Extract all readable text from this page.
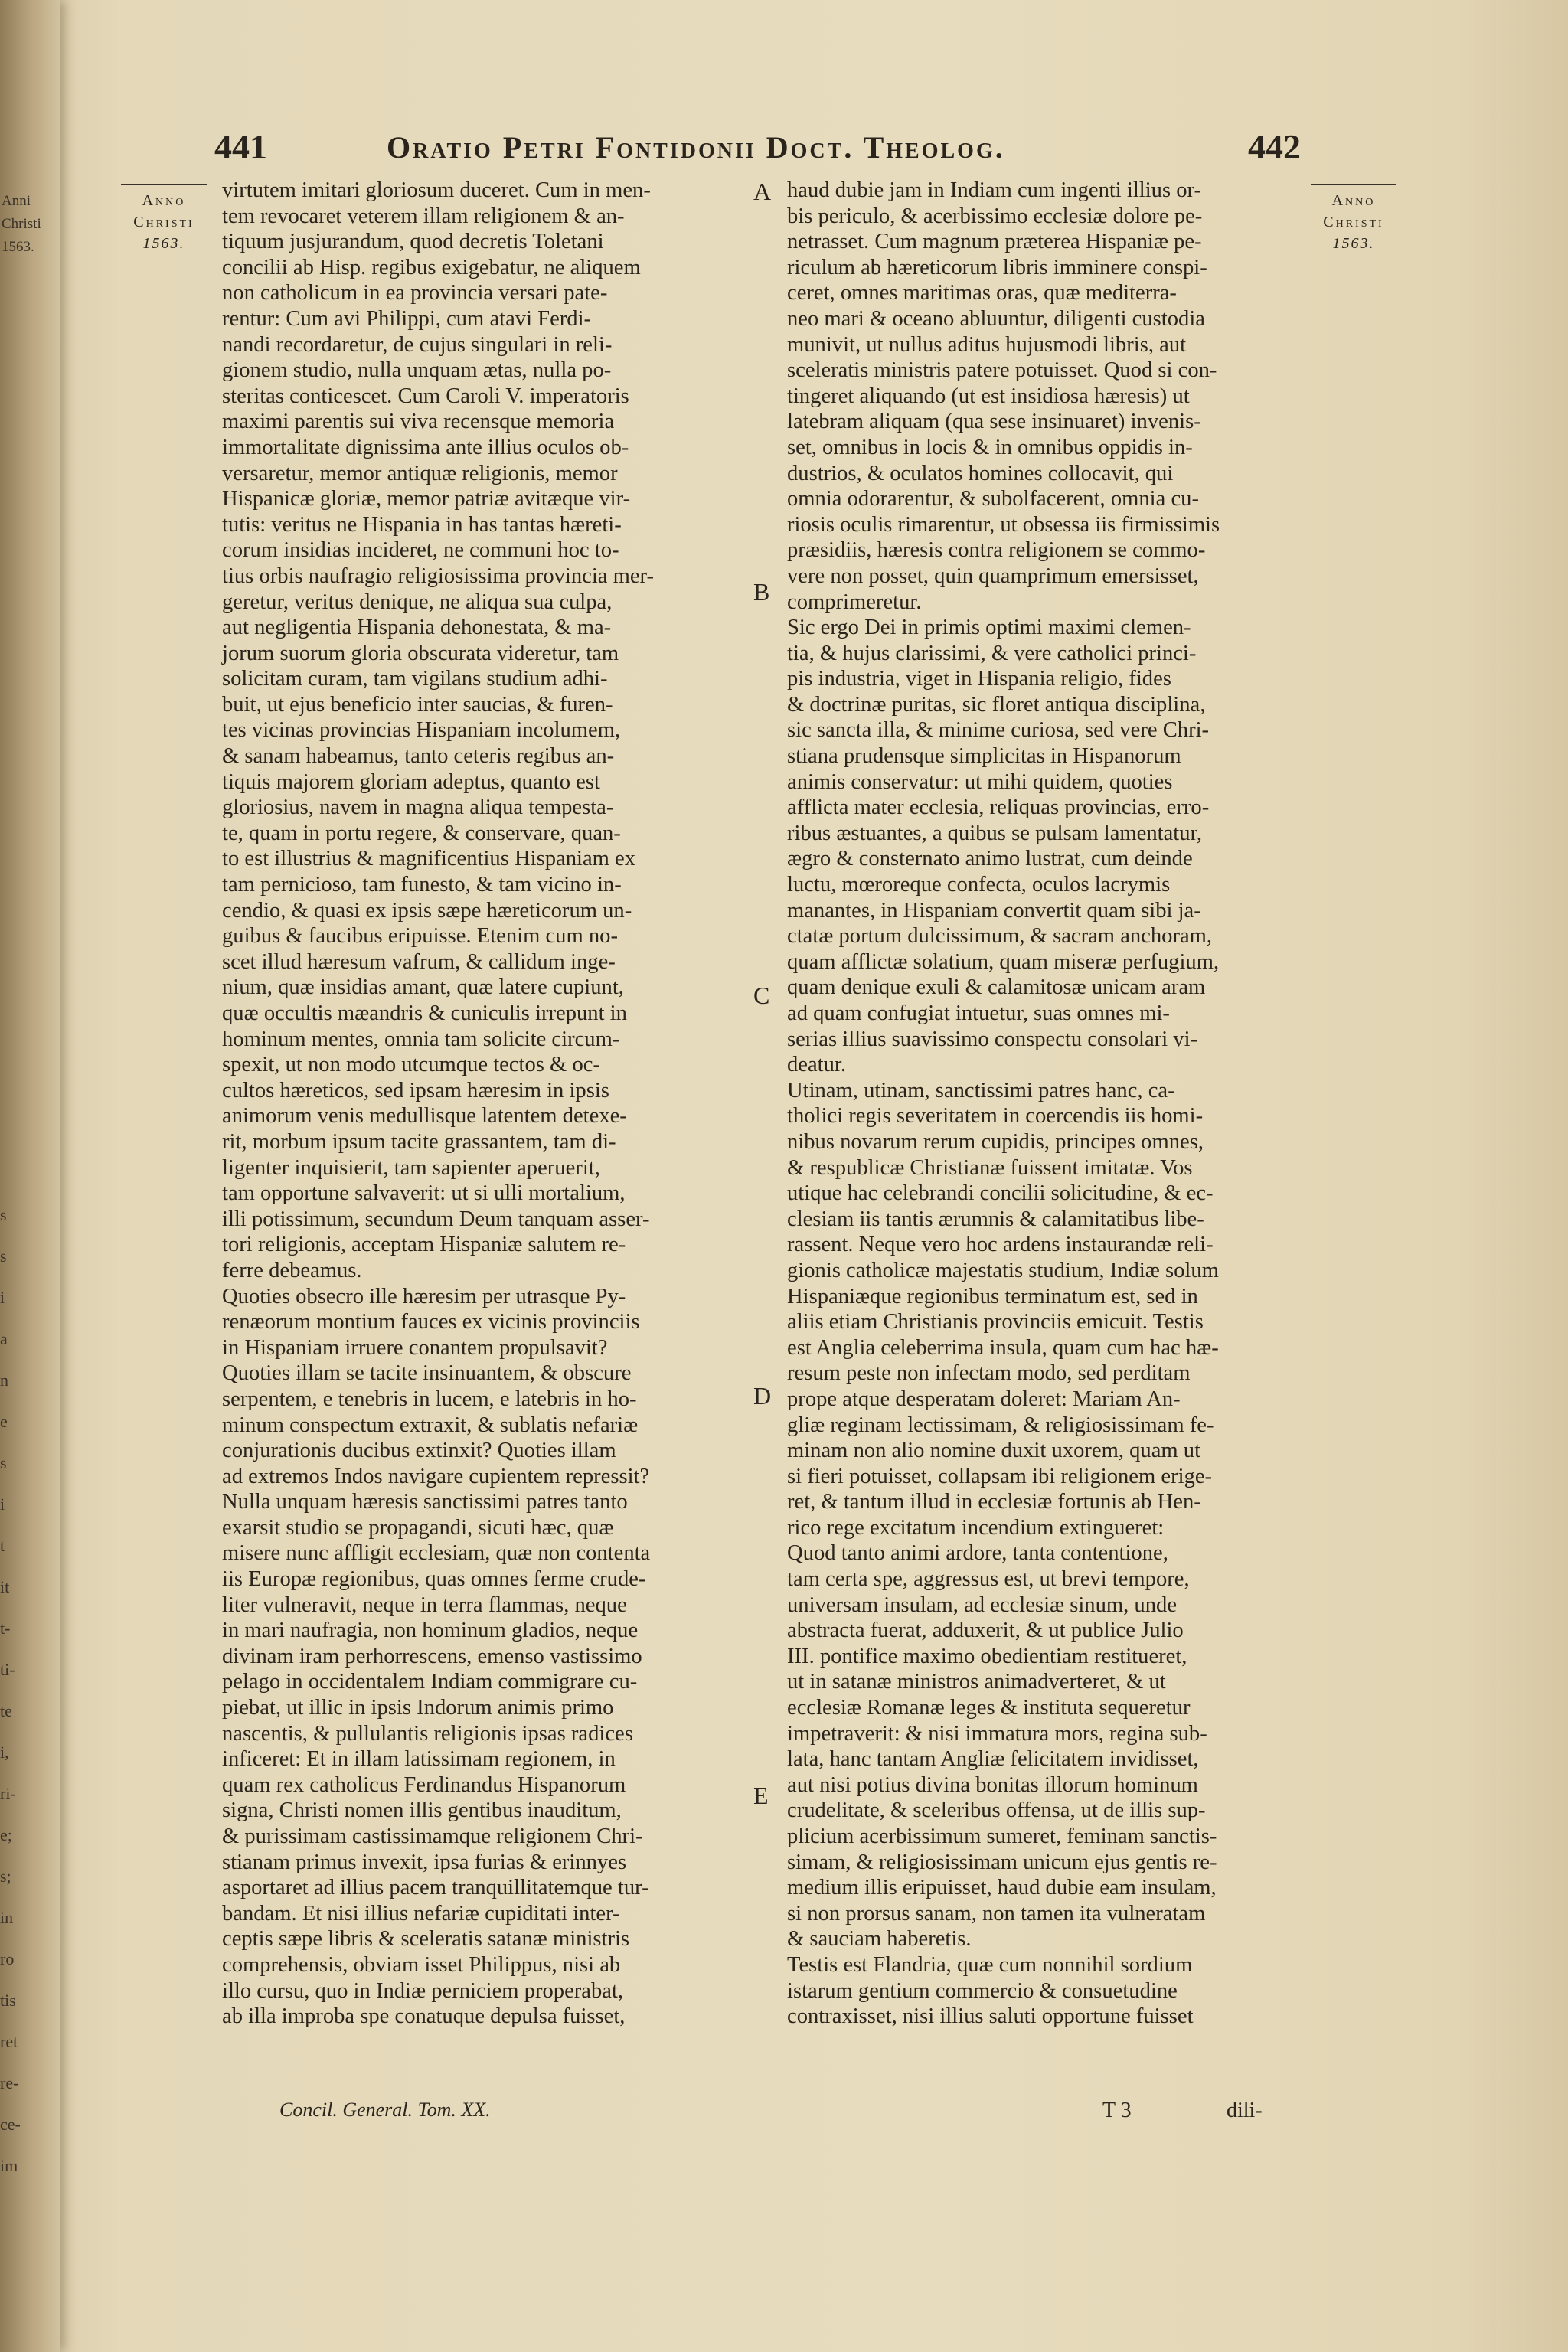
Anni
Christi
1563.
s
s
i
a
n
e
s
i
t
it
t-
ti-
te
i,
ri-
e;
s;
in
ro
tis
ret
re-
ce-
im
441	Oratio Petri Fontidonii Doct. Theolog.	442
Anno Christi
1563.
Anno Christi
1563.
virtutem imitari gloriosum duceret. Cum in men-
tem revocaret veterem illam religionem & an-
tiquum jusjurandum, quod decretis Toletani
concilii ab Hisp. regibus exigebatur, ne aliquem
non catholicum in ea provincia versari pate-
rentur: Cum avi Philippi, cum atavi Ferdi-
nandi recordaretur, de cujus singulari in reli-
gionem studio, nulla unquam ætas, nulla po-
steritas conticescet. Cum Caroli V. imperatoris
maximi parentis sui viva recensque memoria
immortalitate dignissima ante illius oculos ob-
versaretur, memor antiquæ religionis, memor
Hispanicæ gloriæ, memor patriæ avitæque vir-
tutis: veritus ne Hispania in has tantas hæreti-
corum insidias incideret, ne communi hoc to-
tius orbis naufragio religiosissima provincia mer-
geretur, veritus denique, ne aliqua sua culpa,
aut negligentia Hispania dehonestata, & ma-
jorum suorum gloria obscurata videretur, tam
solicitam curam, tam vigilans studium adhi-
buit, ut ejus beneficio inter saucias, & furen-
tes vicinas provincias Hispaniam incolumem,
& sanam habeamus, tanto ceteris regibus an-
tiquis majorem gloriam adeptus, quanto est
gloriosius, navem in magna aliqua tempesta-
te, quam in portu regere, & conservare, quan-
to est illustrius & magnificentius Hispaniam ex
tam pernicioso, tam funesto, & tam vicino in-
cendio, & quasi ex ipsis sæpe hæreticorum un-
guibus & faucibus eripuisse. Etenim cum no-
scet illud hæresum vafrum, & callidum inge-
nium, quæ insidias amant, quæ latere cupiunt,
quæ occultis mæandris & cuniculis irrepunt in
hominum mentes, omnia tam solicite circum-
spexit, ut non modo utcumque tectos & oc-
cultos hæreticos, sed ipsam hæresim in ipsis
animorum venis medullisque latentem detexe-
rit, morbum ipsum tacite grassantem, tam di-
ligenter inquisierit, tam sapienter aperuerit,
tam opportune salvaverit: ut si ulli mortalium,
illi potissimum, secundum Deum tanquam asser-
tori religionis, acceptam Hispaniæ salutem re-
ferre debeamus.
Quoties obsecro ille hæresim per utrasque Py-
renæorum montium fauces ex vicinis provinciis
in Hispaniam irruere conantem propulsavit?
Quoties illam se tacite insinuantem, & obscure
serpentem, e tenebris in lucem, e latebris in ho-
minum conspectum extraxit, & sublatis nefariæ
conjurationis ducibus extinxit? Quoties illam
ad extremos Indos navigare cupientem repressit?
Nulla unquam hæresis sanctissimi patres tanto
exarsit studio se propagandi, sicuti hæc, quæ
misere nunc affligit ecclesiam, quæ non contenta
iis Europæ regionibus, quas omnes ferme crude-
liter vulneravit, neque in terra flammas, neque
in mari naufragia, non hominum gladios, neque
divinam iram perhorrescens, emenso vastissimo
pelago in occidentalem Indiam commigrare cu-
piebat, ut illic in ipsis Indorum animis primo
nascentis, & pullulantis religionis ipsas radices
inficeret: Et in illam latissimam regionem, in
quam rex catholicus Ferdinandus Hispanorum
signa, Christi nomen illis gentibus inauditum,
& purissimam castissimamque religionem Chri-
stianam primus invexit, ipsa furias & erinnyes
asportaret ad illius pacem tranquillitatemque tur-
bandam. Et nisi illius nefariæ cupiditati inter-
ceptis sæpe libris & sceleratis satanæ ministris
comprehensis, obviam isset Philippus, nisi ab
illo cursu, quo in Indiæ perniciem properabat,
ab illa improba spe conatuque depulsa fuisset,
haud dubie jam in Indiam cum ingenti illius or-
bis periculo, & acerbissimo ecclesiæ dolore pe-
netrasset. Cum magnum præterea Hispaniæ pe-
riculum ab hæreticorum libris imminere conspi-
ceret, omnes maritimas oras, quæ mediterra-
neo mari & oceano abluuntur, diligenti custodia
munivit, ut nullus aditus hujusmodi libris, aut
sceleratis ministris patere potuisset. Quod si con-
tingeret aliquando (ut est insidiosa hæresis) ut
latebram aliquam (qua sese insinuaret) invenis-
set, omnibus in locis & in omnibus oppidis in-
dustrios, & oculatos homines collocavit, qui
omnia odorarentur, & subolfacerent, omnia cu-
riosis oculis rimarentur, ut obsessa iis firmissimis
præsidiis, hæresis contra religionem se commo-
vere non posset, quin quamprimum emersisset,
comprimeretur.
Sic ergo Dei in primis optimi maximi clemen-
tia, & hujus clarissimi, & vere catholici princi-
pis industria, viget in Hispania religio, fides
& doctrinæ puritas, sic floret antiqua disciplina,
sic sancta illa, & minime curiosa, sed vere Chri-
stiana prudensque simplicitas in Hispanorum
animis conservatur: ut mihi quidem, quoties
afflicta mater ecclesia, reliquas provincias, erro-
ribus æstuantes, a quibus se pulsam lamentatur,
ægro & consternato animo lustrat, cum deinde
luctu, mœroreque confecta, oculos lacrymis
manantes, in Hispaniam convertit quam sibi ja-
ctatæ portum dulcissimum, & sacram anchoram,
quam afflictæ solatium, quam miseræ perfugium,
quam denique exuli & calamitosæ unicam aram
ad quam confugiat intuetur, suas omnes mi-
serias illius suavissimo conspectu consolari vi-
deatur.
Utinam, utinam, sanctissimi patres hanc, ca-
tholici regis severitatem in coercendis iis homi-
nibus novarum rerum cupidis, principes omnes,
& respublicæ Christianæ fuissent imitatæ. Vos
utique hac celebrandi concilii solicitudine, & ec-
clesiam iis tantis ærumnis & calamitatibus libe-
rassent. Neque vero hoc ardens instaurandæ reli-
gionis catholicæ majestatis studium, Indiæ solum
Hispaniæque regionibus terminatum est, sed in
aliis etiam Christianis provinciis emicuit. Testis
est Anglia celeberrima insula, quam cum hac hæ-
resum peste non infectam modo, sed perditam
prope atque desperatam doleret: Mariam An-
gliæ reginam lectissimam, & religiosissimam fe-
minam non alio nomine duxit uxorem, quam ut
si fieri potuisset, collapsam ibi religionem erige-
ret, & tantum illud in ecclesiæ fortunis ab Hen-
rico rege excitatum incendium extingueret:
Quod tanto animi ardore, tanta contentione,
tam certa spe, aggressus est, ut brevi tempore,
universam insulam, ad ecclesiæ sinum, unde
abstracta fuerat, adduxerit, & ut publice Julio
III. pontifice maximo obedientiam restitueret,
ut in satanæ ministros animadverteret, & ut
ecclesiæ Romanæ leges & instituta sequeretur
impetraverit: & nisi immatura mors, regina sub-
lata, hanc tantam Angliæ felicitatem invidisset,
aut nisi potius divina bonitas illorum hominum
crudelitate, & sceleribus offensa, ut de illis sup-
plicium acerbissimum sumeret, feminam sanctis-
simam, & religiosissimam unicum ejus gentis re-
medium illis eripuisset, haud dubie eam insulam,
si non prorsus sanam, non tamen ita vulneratam
& sauciam haberetis.
Testis est Flandria, quæ cum nonnihil sordium
istarum gentium commercio & consuetudine
contraxisset, nisi illius saluti opportune fuisset
A
B
C
D
E
Concil. General. Tom. XX.	T 3	dili-
